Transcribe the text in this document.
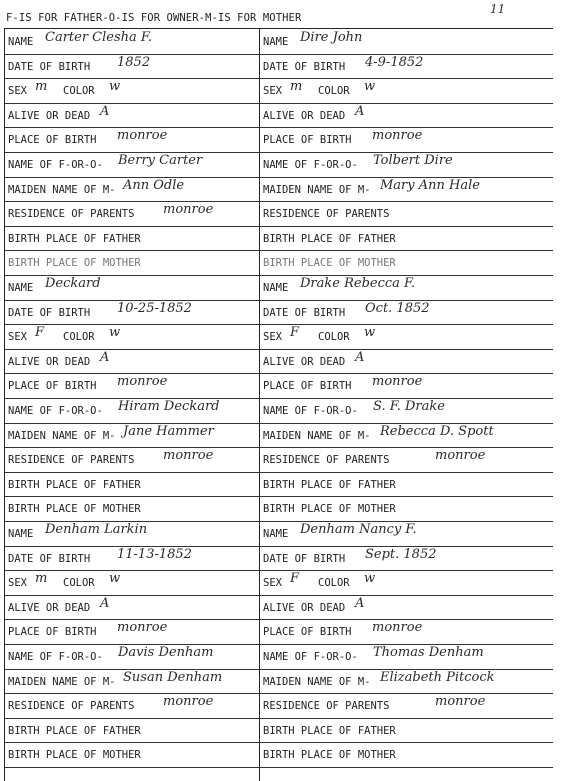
11
F-IS FOR FATHER-O-IS FOR OWNER-M-IS FOR MOTHER
NAME Carter Clesha F.	NAME Dire John
DATE OF BIRTH 1852	DATE OF BIRTH 4-9-1852
SEX m COLOR w	SEX m COLOR w
ALIVE OR DEAD A	ALIVE OR DEAD A
PLACE OF BIRTH monroe	PLACE OF BIRTH monroe
NAME OF F-OR-O- Berry Carter	NAME OF F-OR-O- Tolbert Dire
MAIDEN NAME OF M- Ann Odle	MAIDEN NAME OF M- Mary Ann Hale
RESIDENCE OF PARENTS monroe	RESIDENCE OF PARENTS
BIRTH PLACE OF FATHER	BIRTH PLACE OF FATHER
BIRTH PLACE OF MOTHER	BIRTH PLACE OF MOTHER
NAME Deckard	NAME Drake Rebecca F.
DATE OF BIRTH 10-25-1852	DATE OF BIRTH Oct. 1852
SEX F COLOR w	SEX F COLOR w
ALIVE OR DEAD A	ALIVE OR DEAD A
PLACE OF BIRTH monroe	PLACE OF BIRTH monroe
NAME OF F-OR-O- Hiram Deckard	NAME OF F-OR-O- S. F. Drake
MAIDEN NAME OF M- Jane Hammer	MAIDEN NAME OF M- Rebecca D. Spott
RESIDENCE OF PARENTS monroe	RESIDENCE OF PARENTS	monroe
BIRTH PLACE OF FATHER	BIRTH PLACE OF FATHER
BIRTH PLACE OF MOTHER	BIRTH PLACE OF MOTHER
NAME Denham Larkin	NAME Denham Nancy F.
DATE OF BIRTH 11-13-1852	DATE OF BIRTH Sept. 1852
SEX m COLOR w	SEX F COLOR w
ALIVE OR DEAD A	ALIVE OR DEAD A
PLACE OF BIRTH monroe	PLACE OF BIRTH monroe
NAME OF F-OR-O- Davis Denham	NAME OF F-OR-O- Thomas Denham
MAIDEN NAME OF M- Susan Denham	MAIDEN NAME OF M- Elizabeth Pitcock
RESIDENCE OF PARENTS monroe	RESIDENCE OF PARENTS	monroe
BIRTH PLACE OF FATHER	BIRTH PLACE OF FATHER
BIRTH PLACE OF MOTHER	BIRTH PLACE OF MOTHER
